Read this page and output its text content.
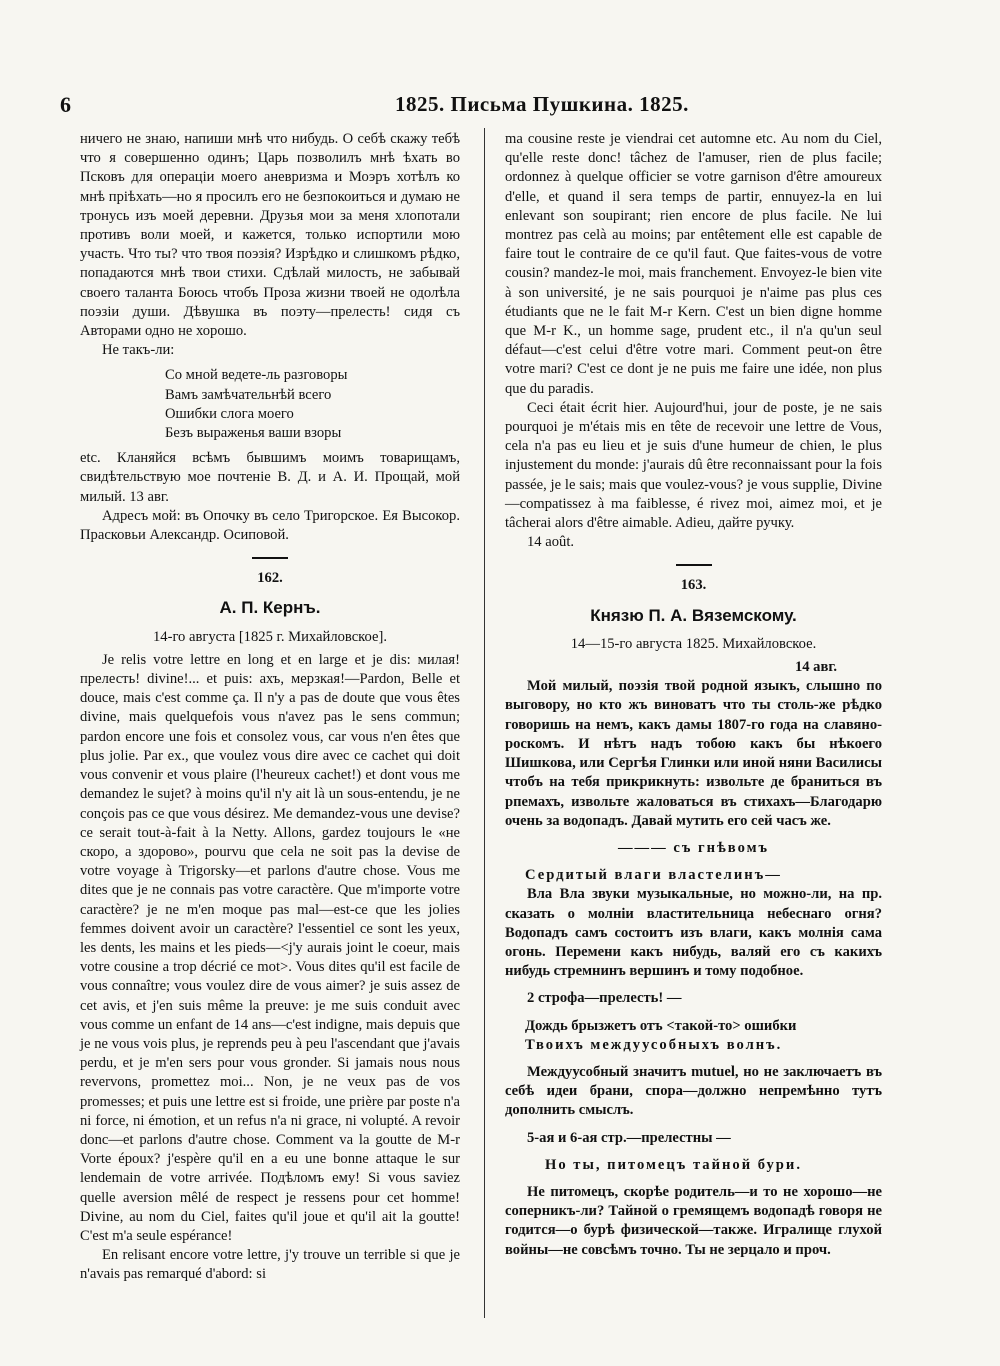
6	1825. Письма Пушкина. 1825.

ничего не знаю, напиши мнѣ что нибудь. О себѣ скажу тебѣ что я совершенно одинъ; Царь позволилъ мнѣ ѣхать во Псковъ для операціи моего аневризма и Моэръ хотѣлъ ко мнѣ пріѣхать—но я просилъ его не безпокоиться и думаю не тронусь изъ моей деревни. Друзья мои за меня хлопотали противъ воли моей, и кажется, только испортили мою участь. Что ты? что твоя поэзія? Изрѣдко и слишкомъ рѣдко, попадаются мнѣ твои стихи. Сдѣлай милость, не забывай своего таланта Боюсь чтобъ Проза жизни твоей не одолѣла поэзіи души. Дѣвушка въ поэту—прелесть! сидя съ Авторами одно не хорошо.

Не такъ-ли:

Со мной ведете-ль разговоры
Вамъ замѣчательнѣй всего
Ошибки слога моего
Безъ выраженья ваши взоры

etc. Кланяйся всѣмъ бывшимъ моимъ товарищамъ, свидѣтельствую мое почтеніе В. Д. и А. И. Прощай, мой милый. 13 авг.

Адресъ мой: въ Опочку въ село Тригорское. Ея Высокор. Прасковьи Александр. Осиповой.

162.
А. П. Кернъ.
14-го августа [1825 г. Михайловское].

Je relis votre lettre en long et en large et je dis: милая! прелесть! divine!... et puis: ахъ, мерзкая!—Pardon, Belle et douce, mais c'est comme ça. Il n'y a pas de doute que vous êtes divine, mais quelquefois vous n'avez pas le sens commun; pardon encore une fois et consolez vous, car vous n'en êtes que plus jolie. Par ex., que voulez vous dire avec ce cachet qui doit vous convenir et vous plaire (l'heureux cachet!) et dont vous me demandez le sujet? à moins qu'il n'y ait là un sous-entendu, je ne conçois pas ce que vous désirez. Me demandez-vous une devise? ce serait tout-à-fait à la Netty. Allons, gardez toujours le «не скоро, а здорово», pourvu que cela ne soit pas la devise de votre voyage à Trigorsky—et parlons d'autre chose. Vous me dites que je ne connais pas votre caractère. Que m'importe votre caractère? je ne m'en moque pas mal—est-ce que les jolies femmes doivent avoir un caractère? l'essentiel ce sont les yeux, les dents, les mains et les pieds—<j'y aurais joint le coeur, mais votre cousine a trop décrié ce mot>. Vous dites qu'il est facile de vous connaître; vous voulez dire de vous aimer? je suis assez de cet avis, et j'en suis même la preuve: je me suis conduit avec vous comme un enfant de 14 ans—c'est indigne, mais depuis que je ne vous vois plus, je reprends peu à peu l'ascendant que j'avais perdu, et je m'en sers pour vous gronder. Si jamais nous nous revervons, promettez moi... Non, je ne veux pas de vos promesses; et puis une lettre est si froide, une prière par poste n'a ni force, ni émotion, et un refus n'a ni grace, ni volupté. A revoir donc—et parlons d'autre chose. Comment va la goutte de M-r Vorte époux? j'espère qu'il en a eu une bonne attaque le sur lendemain de votre arrivée. Подѣломъ ему! Si vous saviez quelle aversion mêlé de respect je ressens pour cet homme! Divine, au nom du Ciel, faites qu'il joue et qu'il ait la goutte! C'est m'a seule espérance!

En relisant encore votre lettre, j'y trouve un terrible si que je n'avais pas remarqué d'abord: si

ma cousine reste je viendrai cet automne etc. Au nom du Ciel, qu'elle reste donc! tâchez de l'amuser, rien de plus facile; ordonnez à quelque officier se votre garnison d'être amoureux d'elle, et quand il sera temps de partir, ennuyez-la en lui enlevant son soupirant; rien encore de plus facile. Ne lui montrez pas celà au moins; par entêtement elle est capable de faire tout le contraire de ce qu'il faut. Que faites-vous de votre cousin? mandez-le moi, mais franchement. Envoyez-le bien vite à son université, je ne sais pourquoi je n'aime pas plus ces étudiants que ne le fait M-r Kern. C'est un bien digne homme que M-r K., un homme sage, prudent etc., il n'a qu'un seul défaut—c'est celui d'être votre mari. Comment peut-on être votre mari? C'est ce dont je ne puis me faire une idée, non plus que du paradis.

Ceci était écrit hier. Aujourd'hui, jour de poste, je ne sais pourquoi je m'étais mis en tête de recevoir une lettre de Vous, cela n'a pas eu lieu et je suis d'une humeur de chien, le plus injustement du monde: j'aurais dû être reconnaissant pour la fois passée, je le sais; mais que voulez-vous? je vous supplie, Divine—compatissez à ma faiblesse, é rivez moi, aimez moi, et je tâcherai alors d'être aimable. Adieu, дайте ручку.

14 août.

163.
Князю П. А. Вяземскому.
14—15-го августа 1825. Михайловское.

14 авг.

Мой милый, поэзія твой родной языкъ, слышно по выговору, но кто жъ виноватъ что ты столь-же рѣдко говоришь на немъ, какъ дамы 1807-го года на славяно-роскомъ. И нѣтъ надъ тобою какъ бы нѣкоего Шишкова, или Сергѣя Глинки или иной няни Василисы чтобъ на тебя прикрикнуть: извольте де браниться въ рпемахъ, извольте жаловаться въ стихахъ—Благодарю очень за водопадъ. Давай мутить его сей часъ же.

——— съ гнѣвомъ

Сердитый влаги властелинъ—

Вла Вла звуки музыкальные, но можно-ли, на пр. сказать о молніи властительница небеснаго огня? Водопадъ самъ состоитъ изъ влаги, какъ молнія сама огонь. Перемени какъ нибудь, валяй его съ какихъ нибудь стремнинъ вершинъ и тому подобное.

2 строфа—прелесть! —

Дождь брызжетъ отъ <такой-то> ошибки

Твоихъ междуусобныхъ волнъ.

Междуусобный значитъ mutuel, но не заключаетъ въ себѣ идеи брани, спора—должно непремѣнно тутъ дополнить смыслъ.

5-ая и 6-ая стр.—прелестны —

Но ты, питомецъ тайной бури.

Не питомецъ, скорѣе родитель—и то не хорошо—не соперникъ-ли? Тайной о гремящемъ водопадѣ говоря не годится—о бурѣ физической—также. Игралище глухой войны—не совсѣмъ точно. Ты не зерцало и проч.
